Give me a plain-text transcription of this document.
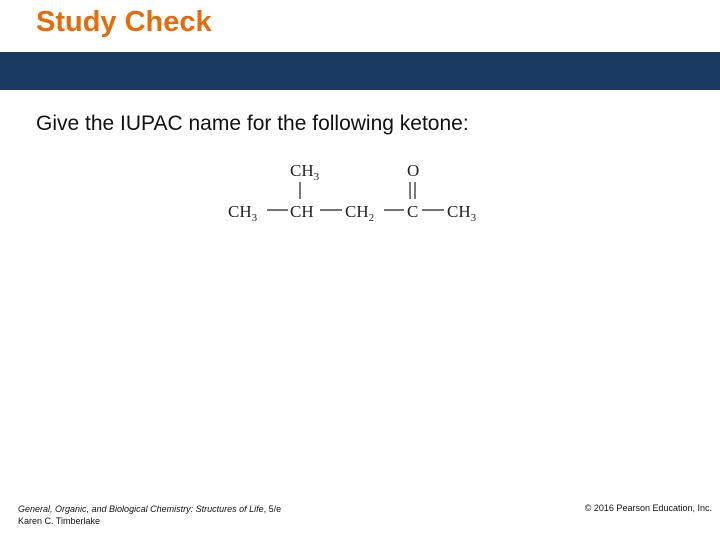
Study Check
Give the IUPAC name for the following ketone:
$CH_3$	O
$CH_3$ CH $CH_2$ C $CH_3$
General, Organic, and Biological Chemistry: Structures of Life, 5/e
Karen C. Timberlake
© 2016 Pearson Education, Inc.
